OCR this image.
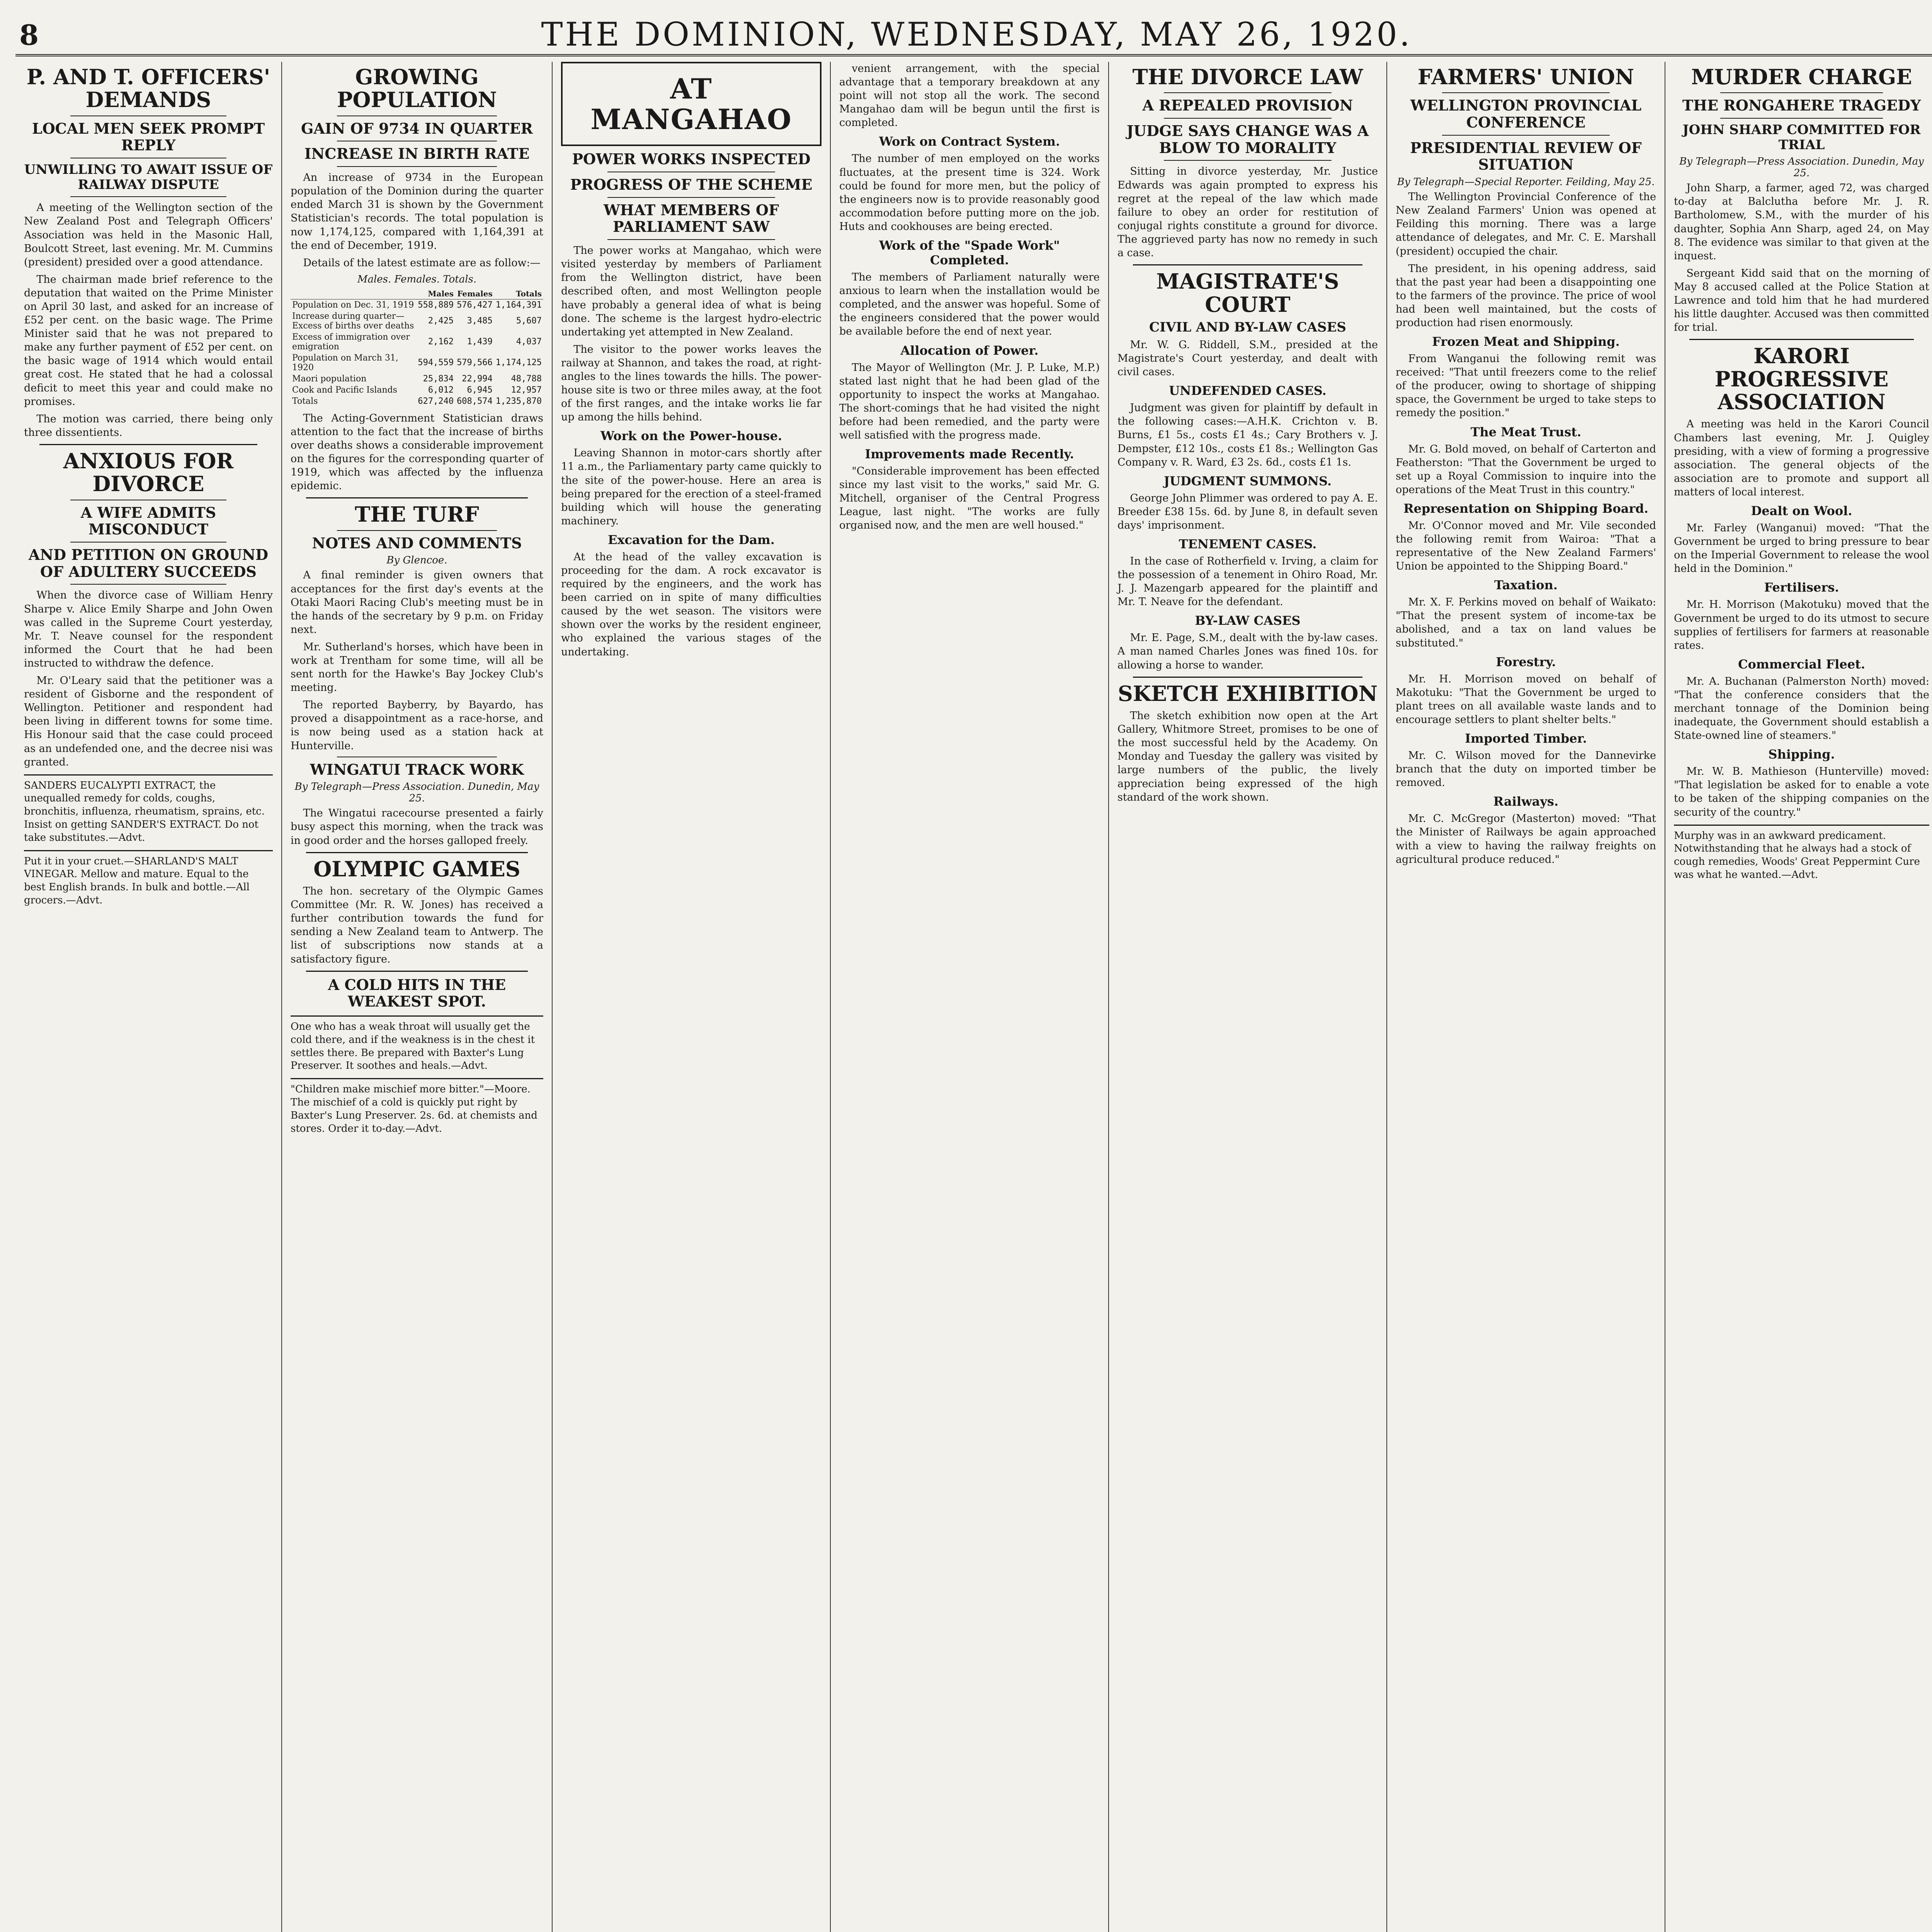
8	THE DOMINION, WEDNESDAY, MAY 26, 1920.
P. AND T. OFFICERS' DEMANDS
LOCAL MEN SEEK PROMPT REPLY
UNWILLING TO AWAIT ISSUE OF RAILWAY DISPUTE

A meeting of the Wellington section of the New Zealand Post and Telegraph Officers' Association was held in the Masonic Hall, Boulcott Street, last evening. Mr. M. Cummins (president) presided over a good attendance.

The chairman made brief reference to the deputation that waited on the Prime Minister on April 30 last, and asked for an increase of £52 per cent. on the basic wage. The Prime Minister said that he was not prepared to make any further payment of £52 per cent. on the basic wage of 1914 which would entail great cost. He stated that he had a colossal deficit to meet this year and could make no promises.

The motion was carried, there being only three dissentients.

ANXIOUS FOR DIVORCE
A WIFE ADMITS MISCONDUCT
AND PETITION ON GROUND OF ADULTERY SUCCEEDS

When the divorce case of William Henry Sharpe v. Alice Emily Sharpe and John Owen was called in the Supreme Court yesterday, Mr. T. Neave counsel for the respondent informed the Court that he had been instructed to withdraw the defence.

Mr. O'Leary said that the petitioner was a resident of Gisborne and the respondent of Wellington. Petitioner and respondent had been living in different towns for some time. His Honour said that the case could proceed as an undefended one, and the decree nisi was granted.

SANDERS EUCALYPTI EXTRACT, the unequalled remedy for colds, coughs, bronchitis, influenza, rheumatism, sprains, etc. Insist on getting SANDER'S EXTRACT. Do not take substitutes.—Advt.
Put it in your cruet.—SHARLAND'S MALT VINEGAR. Mellow and mature. Equal to the best English brands. In bulk and bottle.—All grocers.—Advt.
GROWING POPULATION
GAIN OF 9734 IN QUARTER
INCREASE IN BIRTH RATE

An increase of 9734 in the European population of the Dominion during the quarter ended March 31 is shown by the Government Statistician's records. The total population is now 1,174,125, compared with 1,164,391 at the end of December, 1919.

Details of the latest estimate are as follow:—

Males. Females. Totals.
	Males	Females	Totals
Population on Dec. 31, 1919	558,889	576,427	1,164,391
Increase during quarter—Excess of births over deaths	2,425	3,485	5,607
Excess of immigration over emigration	2,162	1,439	4,037
Population on March 31, 1920	594,559	579,566	1,174,125
Maori population	25,834	22,994	48,788
Cook and Pacific Islands	6,012	6,945	12,957
Totals	627,240	608,574	1,235,870

The Acting-Government Statistician draws attention to the fact that the increase of births over deaths shows a considerable improvement on the figures for the corresponding quarter of 1919, which was affected by the influenza epidemic.

THE TURF
NOTES AND COMMENTS
By Glencoe.

A final reminder is given owners that acceptances for the first day's events at the Otaki Maori Racing Club's meeting must be in the hands of the secretary by 9 p.m. on Friday next.

Mr. Sutherland's horses, which have been in work at Trentham for some time, will all be sent north for the Hawke's Bay Jockey Club's meeting.

The reported Bayberry, by Bayardo, has proved a disappointment as a race-horse, and is now being used as a station hack at Hunterville.

WINGATUI TRACK WORK
By Telegraph—Press Association. Dunedin, May 25.

The Wingatui racecourse presented a fairly busy aspect this morning, when the track was in good order and the horses galloped freely.

OLYMPIC GAMES

The hon. secretary of the Olympic Games Committee (Mr. R. W. Jones) has received a further contribution towards the fund for sending a New Zealand team to Antwerp. The list of subscriptions now stands at a satisfactory figure.

A COLD HITS IN THE WEAKEST SPOT.
One who has a weak throat will usually get the cold there, and if the weakness is in the chest it settles there. Be prepared with Baxter's Lung Preserver. It soothes and heals.—Advt.
"Children make mischief more bitter."—Moore. The mischief of a cold is quickly put right by Baxter's Lung Preserver. 2s. 6d. at chemists and stores. Order it to-day.—Advt.
AT MANGAHAO
POWER WORKS INSPECTED
PROGRESS OF THE SCHEME
WHAT MEMBERS OF PARLIAMENT SAW

The power works at Mangahao, which were visited yesterday by members of Parliament from the Wellington district, have been described often, and most Wellington people have probably a general idea of what is being done. The scheme is the largest hydro-electric undertaking yet attempted in New Zealand.

The visitor to the power works leaves the railway at Shannon, and takes the road, at right-angles to the lines towards the hills. The power-house site is two or three miles away, at the foot of the first ranges, and the intake works lie far up among the hills behind.

Work on the Power-house.

Leaving Shannon in motor-cars shortly after 11 a.m., the Parliamentary party came quickly to the site of the power-house. Here an area is being prepared for the erection of a steel-framed building which will house the generating machinery.

Excavation for the Dam.

At the head of the valley excavation is proceeding for the dam. A rock excavator is required by the engineers, and the work has been carried on in spite of many difficulties caused by the wet season. The visitors were shown over the works by the resident engineer, who explained the various stages of the undertaking.

venient arrangement, with the special advantage that a temporary breakdown at any point will not stop all the work. The second Mangahao dam will be begun until the first is completed.

Work on Contract System.

The number of men employed on the works fluctuates, at the present time is 324. Work could be found for more men, but the policy of the engineers now is to provide reasonably good accommodation before putting more on the job. Huts and cookhouses are being erected.

Work of the "Spade Work" Completed.

The members of Parliament naturally were anxious to learn when the installation would be completed, and the answer was hopeful. Some of the engineers considered that the power would be available before the end of next year.

Allocation of Power.

The Mayor of Wellington (Mr. J. P. Luke, M.P.) stated last night that he had been glad of the opportunity to inspect the works at Mangahao. The short-comings that he had visited the night before had been remedied, and the party were well satisfied with the progress made.

Improvements made Recently.

"Considerable improvement has been effected since my last visit to the works," said Mr. G. Mitchell, organiser of the Central Progress League, last night. "The works are fully organised now, and the men are well housed."

THE DIVORCE LAW
A REPEALED PROVISION
JUDGE SAYS CHANGE WAS A BLOW TO MORALITY

Sitting in divorce yesterday, Mr. Justice Edwards was again prompted to express his regret at the repeal of the law which made failure to obey an order for restitution of conjugal rights constitute a ground for divorce. The aggrieved party has now no remedy in such a case.

MAGISTRATE'S COURT
CIVIL AND BY-LAW CASES

Mr. W. G. Riddell, S.M., presided at the Magistrate's Court yesterday, and dealt with civil cases.

UNDEFENDED CASES.

Judgment was given for plaintiff by default in the following cases:—A.H.K. Crichton v. B. Burns, £1 5s., costs £1 4s.; Cary Brothers v. J. Dempster, £12 10s., costs £1 8s.; Wellington Gas Company v. R. Ward, £3 2s. 6d., costs £1 1s.

JUDGMENT SUMMONS.

George John Plimmer was ordered to pay A. E. Breeder £38 15s. 6d. by June 8, in default seven days' imprisonment.

TENEMENT CASES.

In the case of Rotherfield v. Irving, a claim for the possession of a tenement in Ohiro Road, Mr. J. J. Mazengarb appeared for the plaintiff and Mr. T. Neave for the defendant.

BY-LAW CASES

Mr. E. Page, S.M., dealt with the by-law cases. A man named Charles Jones was fined 10s. for allowing a horse to wander.

SKETCH EXHIBITION

The sketch exhibition now open at the Art Gallery, Whitmore Street, promises to be one of the most successful held by the Academy. On Monday and Tuesday the gallery was visited by large numbers of the public, the lively appreciation being expressed of the high standard of the work shown.

FARMERS' UNION
WELLINGTON PROVINCIAL CONFERENCE
PRESIDENTIAL REVIEW OF SITUATION
By Telegraph—Special Reporter. Feilding, May 25.

The Wellington Provincial Conference of the New Zealand Farmers' Union was opened at Feilding this morning. There was a large attendance of delegates, and Mr. C. E. Marshall (president) occupied the chair.

The president, in his opening address, said that the past year had been a disappointing one to the farmers of the province. The price of wool had been well maintained, but the costs of production had risen enormously.

Frozen Meat and Shipping.

From Wanganui the following remit was received: "That until freezers come to the relief of the producer, owing to shortage of shipping space, the Government be urged to take steps to remedy the position."

The Meat Trust.

Mr. G. Bold moved, on behalf of Carterton and Featherston: "That the Government be urged to set up a Royal Commission to inquire into the operations of the Meat Trust in this country."

Representation on Shipping Board.

Mr. O'Connor moved and Mr. Vile seconded the following remit from Wairoa: "That a representative of the New Zealand Farmers' Union be appointed to the Shipping Board."

Taxation.

Mr. X. F. Perkins moved on behalf of Waikato: "That the present system of income-tax be abolished, and a tax on land values be substituted."

Forestry.

Mr. H. Morrison moved on behalf of Makotuku: "That the Government be urged to plant trees on all available waste lands and to encourage settlers to plant shelter belts."

Imported Timber.

Mr. C. Wilson moved for the Dannevirke branch that the duty on imported timber be removed.

Railways.

Mr. C. McGregor (Masterton) moved: "That the Minister of Railways be again approached with a view to having the railway freights on agricultural produce reduced."

MURDER CHARGE
THE RONGAHERE TRAGEDY
JOHN SHARP COMMITTED FOR TRIAL
By Telegraph—Press Association. Dunedin, May 25.

John Sharp, a farmer, aged 72, was charged to-day at Balclutha before Mr. J. R. Bartholomew, S.M., with the murder of his daughter, Sophia Ann Sharp, aged 24, on May 8. The evidence was similar to that given at the inquest.

Sergeant Kidd said that on the morning of May 8 accused called at the Police Station at Lawrence and told him that he had murdered his little daughter. Accused was then committed for trial.

KARORI PROGRESSIVE ASSOCIATION

A meeting was held in the Karori Council Chambers last evening, Mr. J. Quigley presiding, with a view of forming a progressive association. The general objects of the association are to promote and support all matters of local interest.

Dealt on Wool.

Mr. Farley (Wanganui) moved: "That the Government be urged to bring pressure to bear on the Imperial Government to release the wool held in the Dominion."

Fertilisers.

Mr. H. Morrison (Makotuku) moved that the Government be urged to do its utmost to secure supplies of fertilisers for farmers at reasonable rates.

Commercial Fleet.

Mr. A. Buchanan (Palmerston North) moved: "That the conference considers that the merchant tonnage of the Dominion being inadequate, the Government should establish a State-owned line of steamers."

Shipping.

Mr. W. B. Mathieson (Hunterville) moved: "That legislation be asked for to enable a vote to be taken of the shipping companies on the security of the country."

Murphy was in an awkward predicament. Notwithstanding that he always had a stock of cough remedies, Woods' Great Peppermint Cure was what he wanted.—Advt.
